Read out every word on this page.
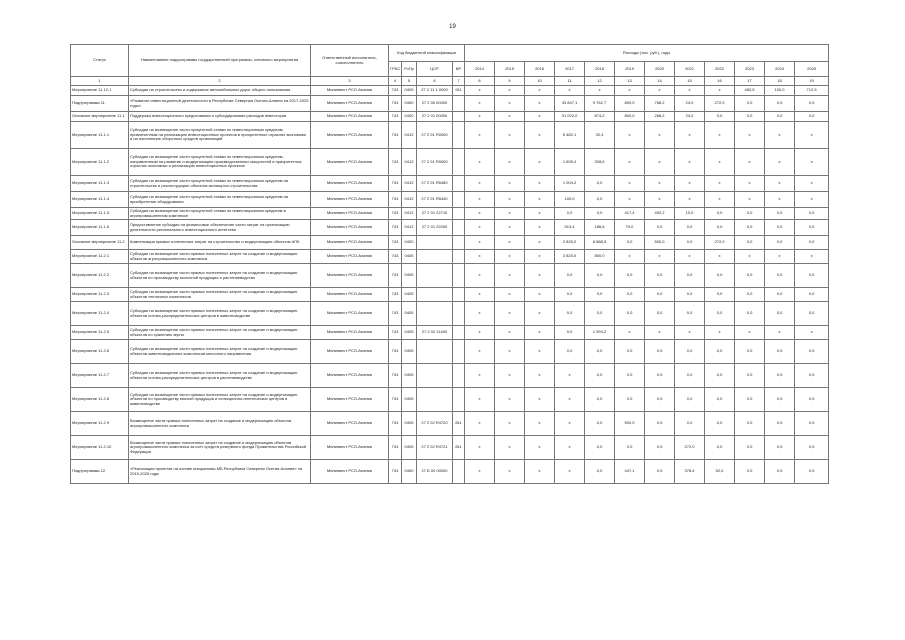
19
Статус	Наименование подпрограммы государственной программы, основного мероприятия	Ответственный исполнитель, соисполнитель	Код бюджетной классификации				Расходы (тыс. руб.), годы											
			ГРБС	РзПр	ЦСР	ВР	2014	2015	2016	2017	2018	2019	2020	2021	2022	2023	2024	2025
1	2	3	4	5	6	7	8	9	10	11	12	13	14	15	16	17	18	19
Мероприятие 11.12.1	Субсидии на строительство и содержание автомобильных дорог общего пользования	Мининвест РСО-Алания	743	0409	27 2 11 1 0000	911	x	x	x	x	x	x	x	x	x	483,5	100,0	712,5
Подпрограмма 11	«Развитие инвестиционной деятельности в Республике Северная Осетия-Алания на 2017-2025 годы»	Мининвест РСО-Алания	743	0400	27 2 00 00000		x	x	x	33 847,1	9 762,7	800,0	768,2	24,0	272,0	0,0	0,0	0,0
Основное мероприятие 11.1	Поддержка инвестиционного кредитования и субсидирования расходов инвесторов	Мининвест РСО-Алания	743	0400	27 2 01 00000		x	x	x	31 022,0	874,2	800,0	268,2	24,0	0,0	0,0	0,0	0,0
Мероприятие 11.1.1	Субсидии на возмещение части процентной ставки по инвестиционным кредитам, привлеченным на реализацию инвестиционных проектов в приоритетных отраслях экономики и на пополнение оборотных средств организаций	Мининвест РСО-Алания	743	0412	27 2 01 R0000		x	x	x	6 482,1	32,3	x	x	x	x	x	x	x
Мероприятие 11.1.2	Субсидии на возмещение части процентной ставки по инвестиционным кредитам, направленным на развитие и модернизацию производственных мощностей в приоритетных отраслях экономики и реализацию инвестиционных проектов	Мининвест РСО-Алания	743	0412	27 2 01 R0000		x	x	x	1 695,4	328,6	x	x	x	x	x	x	x
Мероприятие 11.1.3	Субсидии на возмещение части процентной ставки по инвестиционным кредитам на строительство и реконструкцию объектов жилищного строительства	Мининвест РСО-Алания	743	0412	27 2 01 R5480		x	x	x	1 004,2	0,0	x	x	x	x	x	x	x
Мероприятие 11.1.4	Субсидии на возмещение части процентной ставки по инвестиционным кредитам на приобретение оборудования	Мининвест РСО-Алания	743	0412	27 2 01 R5440		x	x	x	100,0	0,0	x	x	x	x	x	x	x
Мероприятие 11.1.5	Субсидии на возмещение части процентной ставки по инвестиционным кредитам в агропромышленном комплексе	Мининвест РСО-Алания	743	0412	27 2 01 22710		x	x	x	0,0	0,0	417,4	492,2	10,0	0,0	0,0	0,0	0,0
Мероприятие 11.1.6	Предоставление субсидии на финансовое обеспечение части затрат на организацию деятельности регионального инвестиционного агентства	Мининвест РСО-Алания	743	0412	27 2 01 22000		x	x	x	513,4	186,6	70,0	0,0	0,0	0,0	0,0	0,0	0,0
Основное мероприятие 11.2	Компенсация прямых понесенных затрат на строительство и модернизацию объектов АПК	Мининвест РСО-Алания	743	0400			x	x	x	2 825,0	8 888,5	0,0	500,0	0,0	272,0	0,0	0,0	0,0
Мероприятие 11.2.1	Субсидии на возмещение части прямых понесенных затрат на создание и модернизацию объектов агропромышленного комплекса	Мининвест РСО-Алания	743	0405			x	x	x	2 825,0	800,0	x	x	x	x	x	x	x
Мероприятие 11.2.2	Субсидии на возмещение части прямых понесенных затрат на создание и модернизацию объектов по производству молочной продукции и растениеводства	Мининвест РСО-Алания	743	0405			x	x	x	0,0	0,0	0,0	0,0	0,0	0,0	0,0	0,0	0,0
Мероприятие 11.2.3	Субсидии на возмещение части прямых понесенных затрат на создание и модернизацию объектов тепличных комплексов	Мининвест РСО-Алания	743	0405			x	x	x	0,0	0,0	0,0	0,0	0,0	0,0	0,0	0,0	0,0
Мероприятие 11.2.4	Субсидии на возмещение части прямых понесенных затрат на создание и модернизацию объектов оптово-распределительных центров в животноводстве	Мининвест РСО-Алания	743	0405			x	x	x	0,0	0,0	0,0	0,0	0,0	0,0	0,0	0,0	0,0
Мероприятие 11.2.5	Субсидии на возмещение части прямых понесенных затрат на создание и модернизацию объектов по хранению зерна	Мининвест РСО-Алания	743	0405	27 2 02 11430		x	x	x	0,0	1 994,2	x	x	x	x	x	x	x
Мероприятие 11.2.6	Субсидии на возмещение части прямых понесенных затрат на создание и модернизацию объектов животноводческих комплексов молочного направления	Мининвест РСО-Алания	743	0405			x	x	x	0,0	0,0	0,0	0,0	0,0	0,0	0,0	0,0	0,0
Мероприятие 11.2.7	Субсидии на возмещение части прямых понесенных затрат на создание и модернизацию объектов оптово-распределительных центров в растениеводстве	Мининвест РСО-Алания	743	0405			x	x	x	x	0,0	0,0	0,0	0,0	0,0	0,0	0,0	0,0
Мероприятие 11.2.8	Субсидии на возмещение части прямых понесенных затрат на создание и модернизацию объектов по производству мясной продукции и селекционно-генетических центров в животноводстве	Мининвест РСО-Алания	743	0405			x	x	x	x	0,0	0,0	0,0	0,0	0,0	0,0	0,0	0,0
Мероприятие 11.2.9	Возмещение части прямых понесенных затрат на создание и модернизацию объектов агропромышленного комплекса	Мининвест РСО-Алания	743	0405	27 2 02 R4720	811	x	x	x	x	0,0	500,0	0,0	0,0	0,0	0,0	0,0	0,0
Мероприятие 11.2.10	Возмещение части прямых понесенных затрат на создание и модернизацию объектов агропромышленного комплекса за счет средств резервного фонда Правительства Российской Федерации	Мининвест РСО-Алания	743	0405	27 2 02 R4721	811	x	x	x	x	0,0	0,0	0,0	272,0	0,0	0,0	0,0	0,0
Подпрограмма 12	«Реализация проектов на основе инициативы МБ Республики Северная Осетия-Алания» на 2019-2025 годы	Мининвест РСО-Алания	743	0400	27 Б 00 00000		x	x	x	x	0,0	447,1	0,0	378,4	52,0	0,0	0,0	0,0
